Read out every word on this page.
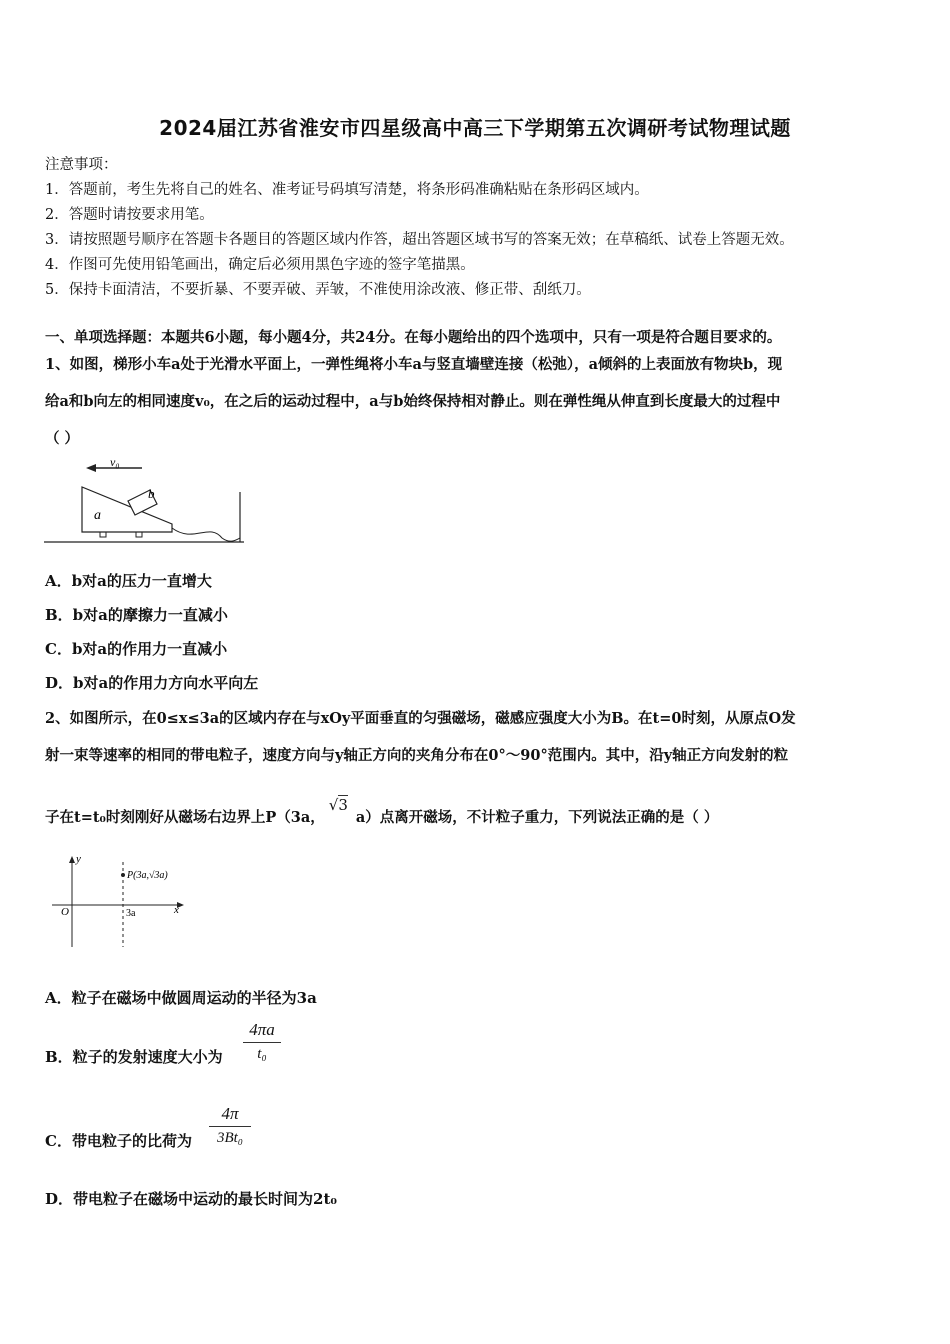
2024届江苏省淮安市四星级高中高三下学期第五次调研考试物理试题
注意事项：
1．答题前，考生先将自己的姓名、准考证号码填写清楚，将条形码准确粘贴在条形码区域内。
2．答题时请按要求用笔。
3．请按照题号顺序在答题卡各题目的答题区域内作答，超出答题区域书写的答案无效；在草稿纸、试卷上答题无效。
4．作图可先使用铅笔画出，确定后必须用黑色字迹的签字笔描黑。
5．保持卡面清洁，不要折暴、不要弄破、弄皱，不准使用涂改液、修正带、刮纸刀。
一、单项选择题：本题共6小题，每小题4分，共24分。在每小题给出的四个选项中，只有一项是符合题目要求的。
1、如图，梯形小车a处于光滑水平面上，一弹性绳将小车a与竖直墙壁连接（松弛），a倾斜的上表面放有物块b，现
给a和b向左的相同速度v₀，在之后的运动过程中，a与b始终保持相对静止。则在弹性绳从伸直到长度最大的过程中
（ ）
v₀
a
b
A．b对a的压力一直增大
B．b对a的摩擦力一直减小
C．b对a的作用力一直减小
D．b对a的作用力方向水平向左
2、如图所示，在0≤x≤3a的区域内存在与xOy平面垂直的匀强磁场，磁感应强度大小为B。在t=0时刻，从原点O发
射一束等速率的相同的带电粒子，速度方向与y轴正方向的夹角分布在0°～90°范围内。其中，沿y轴正方向发射的粒
子在t=t₀时刻刚好从磁场右边界上P（3a，√3a）点离开磁场，不计粒子重力，下列说法正确的是（ ）
y
x
O	3a
P(3a,√3a)
A．粒子在磁场中做圆周运动的半径为3a
B．粒子的发射速度大小为
4πa
t₀
C．带电粒子的比荷为
4π
3Bt₀
D．带电粒子在磁场中运动的最长时间为2t₀
